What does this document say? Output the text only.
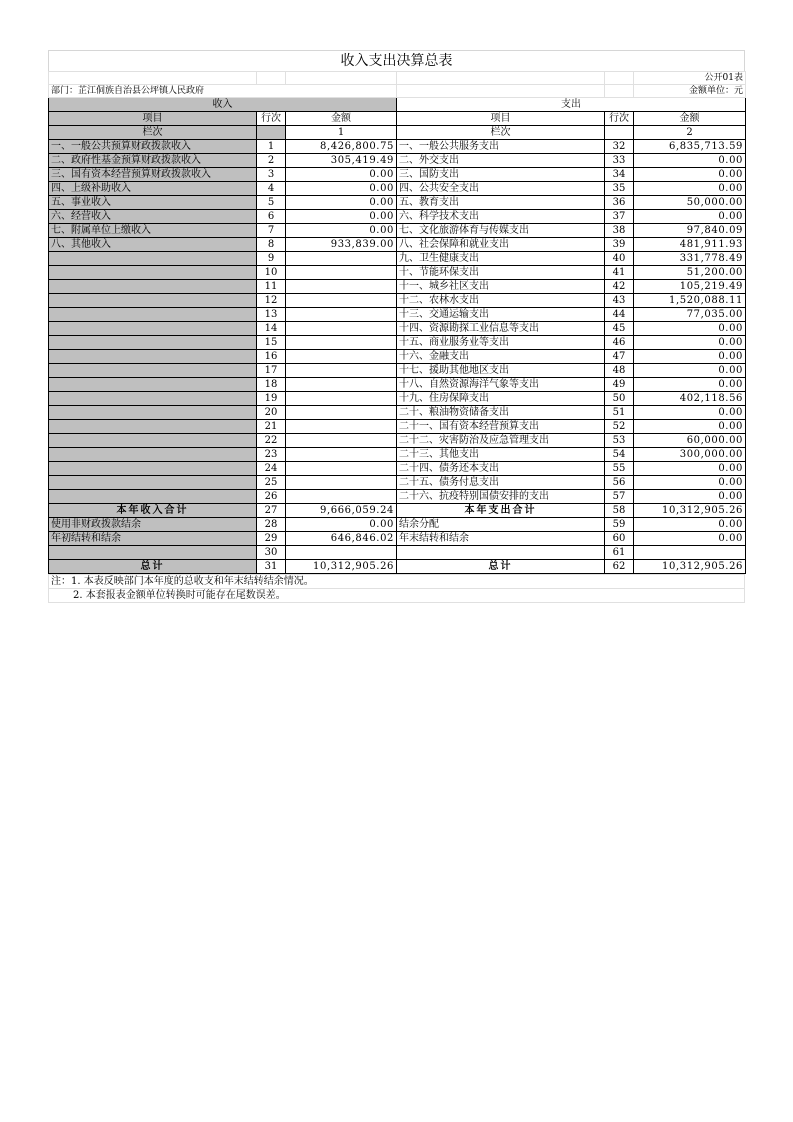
收入支出决算总表
					公开01表
部门：芷江侗族自治县公坪镇人民政府					金额单位：元
收入			支出		
项目	行次	金额	项目	行次	金额
栏次		1	栏次		2
一、一般公共预算财政拨款收入	1	8,426,800.75	一、一般公共服务支出	32	6,835,713.59
二、政府性基金预算财政拨款收入	2	305,419.49	二、外交支出	33	0.00
三、国有资本经营预算财政拨款收入	3	0.00	三、国防支出	34	0.00
四、上级补助收入	4	0.00	四、公共安全支出	35	0.00
五、事业收入	5	0.00	五、教育支出	36	50,000.00
六、经营收入	6	0.00	六、科学技术支出	37	0.00
七、附属单位上缴收入	7	0.00	七、文化旅游体育与传媒支出	38	97,840.09
八、其他收入	8	933,839.00	八、社会保障和就业支出	39	481,911.93
	9		九、卫生健康支出	40	331,778.49
	10		十、节能环保支出	41	51,200.00
	11		十一、城乡社区支出	42	105,219.49
	12		十二、农林水支出	43	1,520,088.11
	13		十三、交通运输支出	44	77,035.00
	14		十四、资源勘探工业信息等支出	45	0.00
	15		十五、商业服务业等支出	46	0.00
	16		十六、金融支出	47	0.00
	17		十七、援助其他地区支出	48	0.00
	18		十八、自然资源海洋气象等支出	49	0.00
	19		十九、住房保障支出	50	402,118.56
	20		二十、粮油物资储备支出	51	0.00
	21		二十一、国有资本经营预算支出	52	0.00
	22		二十二、灾害防治及应急管理支出	53	60,000.00
	23		二十三、其他支出	54	300,000.00
	24		二十四、债务还本支出	55	0.00
	25		二十五、债务付息支出	56	0.00
	26		二十六、抗疫特别国债安排的支出	57	0.00
本年收入合计	27	9,666,059.24	本年支出合计	58	10,312,905.26
使用非财政拨款结余	28	0.00	结余分配	59	0.00
年初结转和结余	29	646,846.02	年末结转和结余	60	0.00
	30			61	
总计	31	10,312,905.26	总计	62	10,312,905.26
注：1. 本表反映部门本年度的总收支和年末结转结余情况。
2. 本套报表金额单位转换时可能存在尾数误差。
